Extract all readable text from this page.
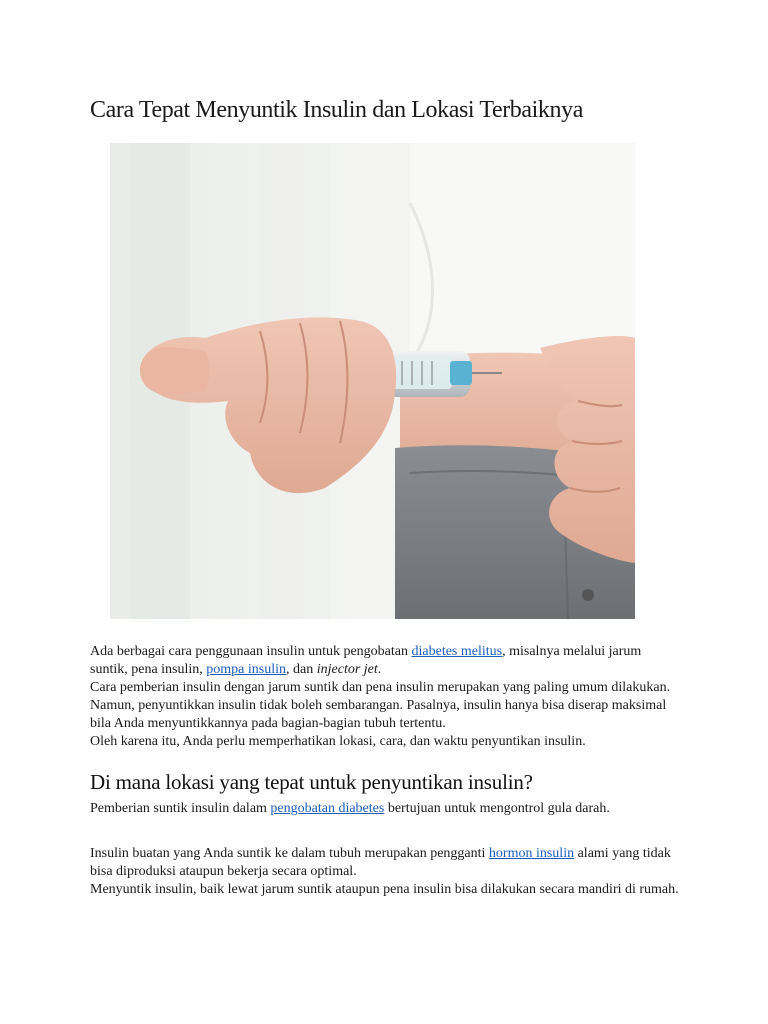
Cara Tepat Menyuntik Insulin dan Lokasi Terbaiknya

Ada berbagai cara penggunaan insulin untuk pengobatan diabetes melitus, misalnya melalui jarum suntik, pena insulin, pompa insulin, dan injector jet.

Cara pemberian insulin dengan jarum suntik dan pena insulin merupakan yang paling umum dilakukan.

Namun, penyuntikkan insulin tidak boleh sembarangan. Pasalnya, insulin hanya bisa diserap maksimal bila Anda menyuntikkannya pada bagian-bagian tubuh tertentu.

Oleh karena itu, Anda perlu memperhatikan lokasi, cara, dan waktu penyuntikan insulin.

Di mana lokasi yang tepat untuk penyuntikan insulin?

Pemberian suntik insulin dalam pengobatan diabetes bertujuan untuk mengontrol gula darah.

Insulin buatan yang Anda suntik ke dalam tubuh merupakan pengganti hormon insulin alami yang tidak bisa diproduksi ataupun bekerja secara optimal.

Menyuntik insulin, baik lewat jarum suntik ataupun pena insulin bisa dilakukan secara mandiri di rumah.
